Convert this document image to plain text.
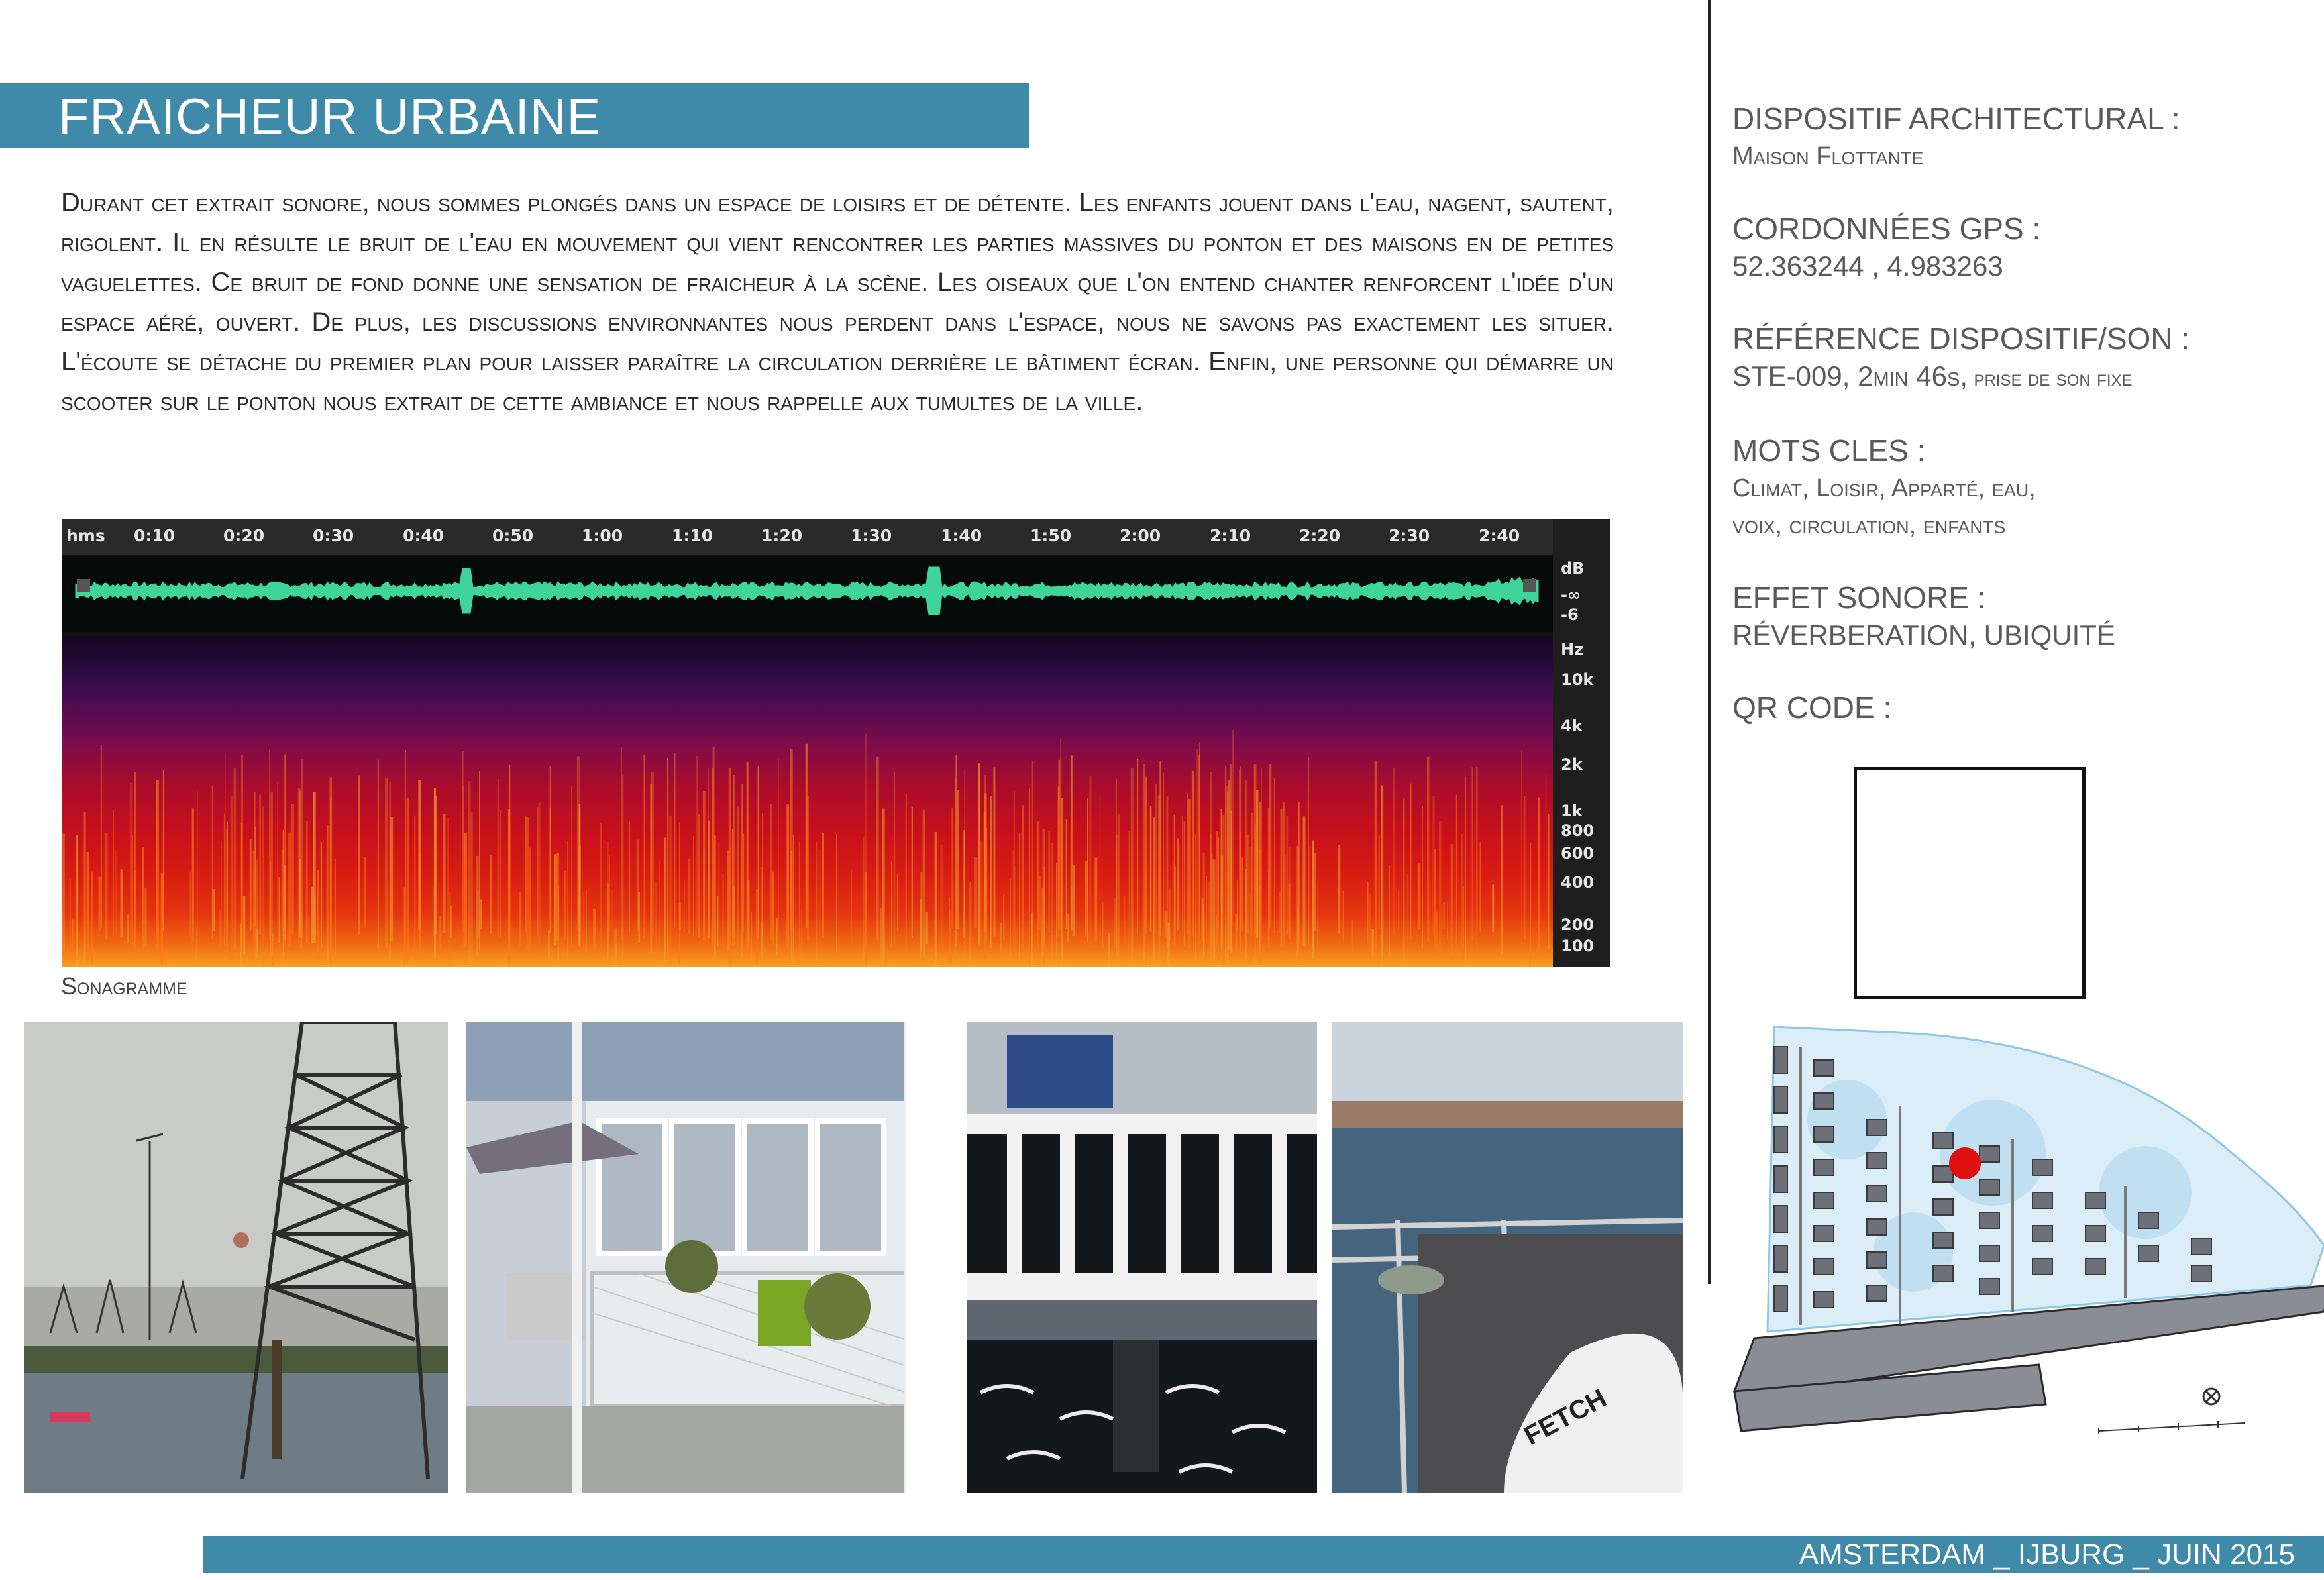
FRAICHEUR URBAINE
Durant cet extrait sonore, nous sommes plongés dans un espace de loisirs et de détente. Les enfants jouent dans l'eau, nagent, sautent, rigolent. Il en résulte le bruit de l'eau en mouvement qui vient rencontrer les parties massives du ponton et des maisons en de petites vaguelettes. Ce bruit de fond donne une sensation de fraicheur à la scène. Les oiseaux que l'on entend chanter renforcent l'idée d'un espace aéré, ouvert. De plus, les discussions environnantes nous perdent dans l'espace, nous ne savons pas exactement les situer. L'écoute se détache du premier plan pour laisser paraître la circulation derrière le bâtiment écran. Enfin, une personne qui démarre un scooter sur le ponton nous extrait de cette ambiance et nous rappelle aux tumultes de la ville.
hms 0:10	0:20	0:30	0:40	0:50	1:00	1:10	1:20	1:30	1:40	1:50	2:00	2:10	2:20	2:30	2:40
dB
-∞
-6
Hz
10k
4k
2k
1k
800
600
400
200
100
Sonagramme
FETCH
DISPOSITIF ARCHITECTURAL :
Maison Flottante
CORDONNÉES GPS :
52.363244 , 4.983263
RÉFÉRENCE DISPOSITIF/SON :
STE-009, 2min 46s, prise de son fixe
MOTS CLES :
Climat, Loisir, Apparté, eau, voix, circulation, enfants
EFFET SONORE :
RÉVERBERATION, UBIQUITÉ
QR CODE :
AMSTERDAM _ IJBURG _ JUIN 2015
